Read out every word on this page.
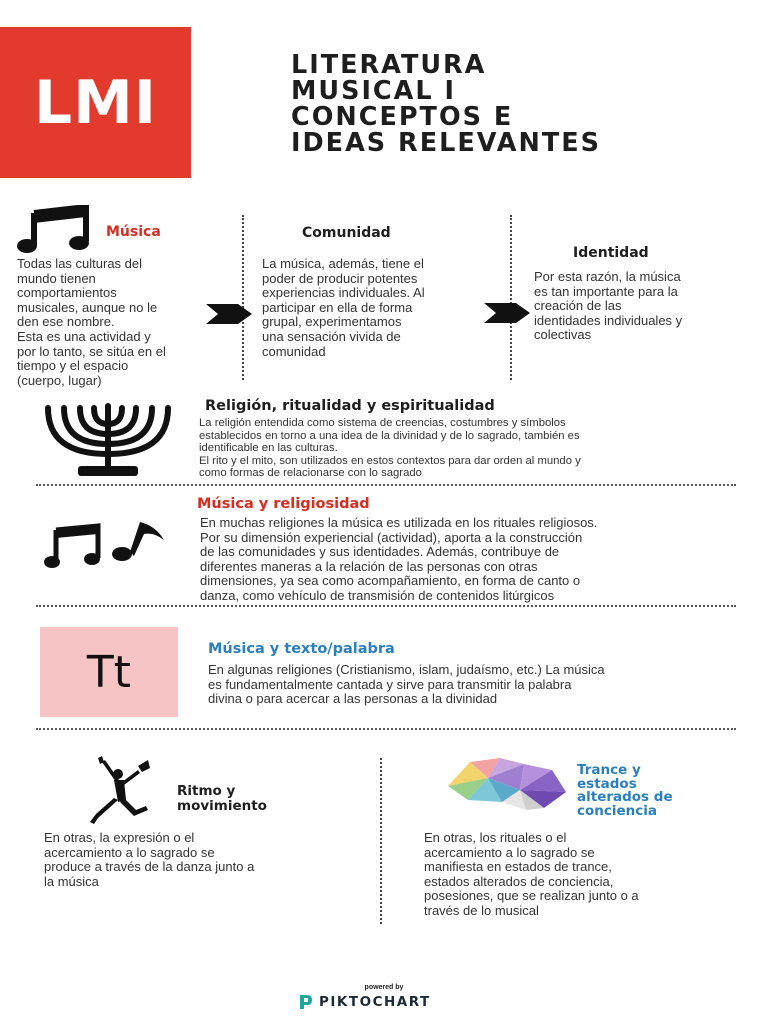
LMI
LITERATURA
MUSICAL I
CONCEPTOS E
IDEAS RELEVANTES
Música
Todas las culturas del
mundo tienen
comportamientos
musicales, aunque no le
den ese nombre.
Esta es una actividad y
por lo tanto, se sitúa en el
tiempo y el espacio
(cuerpo, lugar)
Comunidad
La música, además, tiene el
poder de producir potentes
experiencias individuales. Al
participar en ella de forma
grupal, experimentamos
una sensación vivida de
comunidad
Identidad
Por esta razón, la música
es tan importante para la
creación de las
identidades individuales y
colectivas
Religión, ritualidad y espiritualidad
La religión entendida como sistema de creencias, costumbres y símbolos
establecidos en torno a una idea de la divinidad y de lo sagrado, también es
identificable en las culturas.
El rito y el mito, son utilizados en estos contextos para dar orden al mundo y
como formas de relacionarse con lo sagrado
Música y religiosidad
En muchas religiones la música es utilizada en los rituales religiosos.
Por su dimensión experiencial (actividad), aporta a la construcción
de las comunidades y sus identidades. Además, contribuye de
diferentes maneras a la relación de las personas con otras
dimensiones, ya sea como acompañamiento, en forma de canto o
danza, como vehículo de transmisión de contenidos litúrgicos
Tt	Música y texto/palabra
En algunas religiones (Cristianismo, islam, judaísmo, etc.) La música
es fundamentalmente cantada y sirve para transmitir la palabra
divina o para acercar a las personas a la divinidad
Ritmo y
movimiento
En otras, la expresión o el
acercamiento a lo sagrado se
produce a través de la danza junto a
la música
Trance y
estados
alterados de
conciencia
En otras, los rituales o el
acercamiento a lo sagrado se
manifiesta en estados de trance,
estados alterados de conciencia,
posesiones, que se realizan junto o a
través de lo musical
powered by
PIKTOCHART
